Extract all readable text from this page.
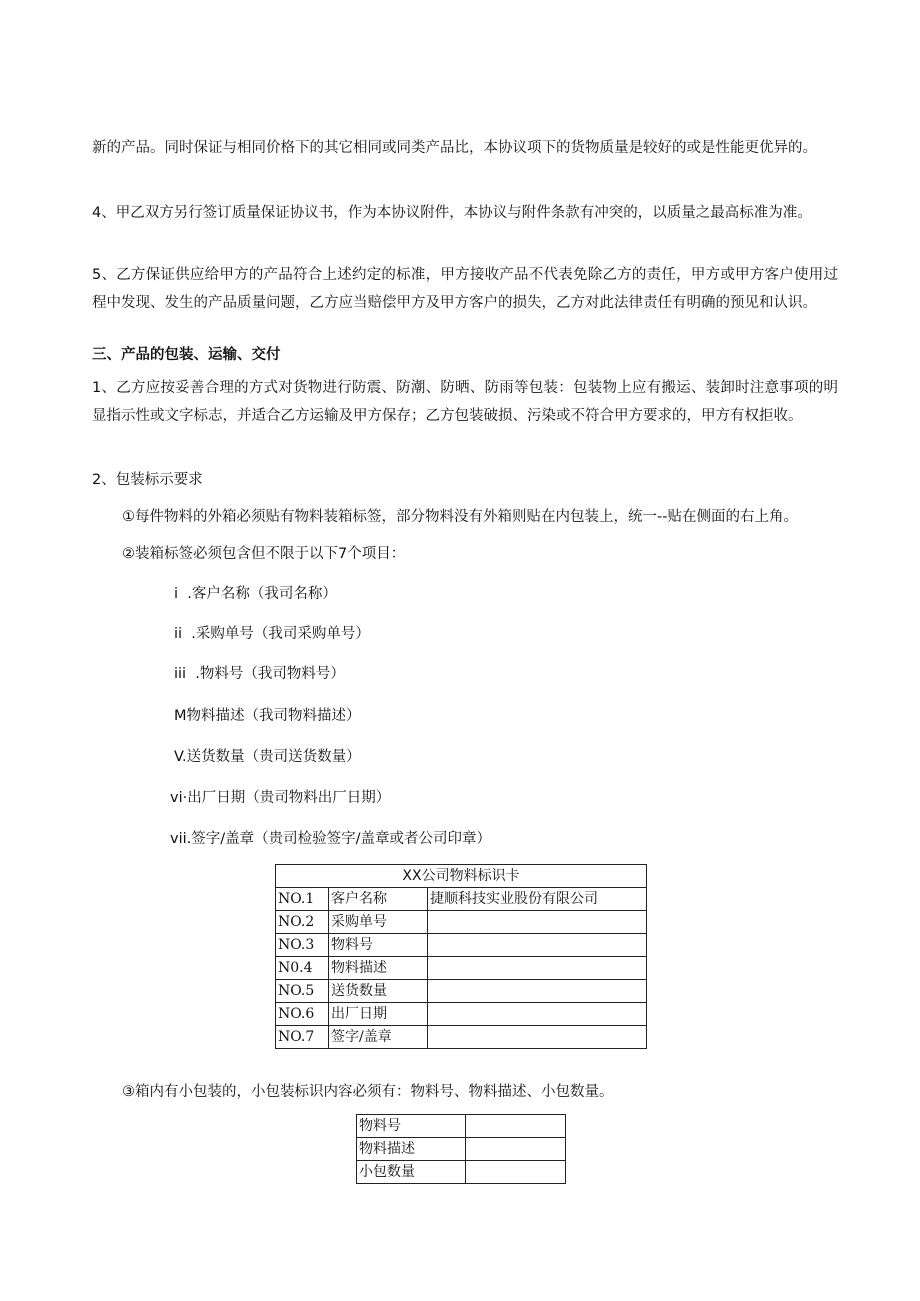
新的产品。同时保证与相同价格下的其它相同或同类产品比，本协议项下的货物质量是较好的或是性能更优异的。

4、甲乙双方另行签订质量保证协议书，作为本协议附件，本协议与附件条款有冲突的，以质量之最高标准为准。

5、乙方保证供应给甲方的产品符合上述约定的标准，甲方接收产品不代表免除乙方的责任，甲方或甲方客户使用过程中发现、发生的产品质量问题，乙方应当赔偿甲方及甲方客户的损失，乙方对此法律责任有明确的预见和认识。

三、产品的包装、运输、交付

1、乙方应按妥善合理的方式对货物进行防震、防潮、防晒、防雨等包装：包装物上应有搬运、装卸时注意事项的明显指示性或文字标志，并适合乙方运输及甲方保存；乙方包装破损、污染或不符合甲方要求的，甲方有权拒收。

2、包装标示要求

①每件物料的外箱必须贴有物料装箱标签，部分物料没有外箱则贴在内包装上，统一--贴在侧面的右上角。

②装箱标签必须包含但不限于以下7个项目：

i  .客户名称（我司名称）

ii  .采购单号（我司采购单号）

iii  .物料号（我司物料号）

M物料描述（我司物料描述）

V.送货数量（贵司送货数量）

vi·出厂日期（贵司物料出厂日期）

vii.签字/盖章（贵司检验签字/盖章或者公司印章）

XX公司物料标识卡		
NO.1	客户名称	捷顺科技实业股份有限公司
NO.2	采购单号	
NO.3	物料号	
N0.4	物料描述	
NO.5	送货数量	
NO.6	出厂日期	
NO.7	签字/盖章	

③箱内有小包装的，小包装标识内容必须有：物料号、物料描述、小包数量。

物料号	
物料描述	
小包数量	
